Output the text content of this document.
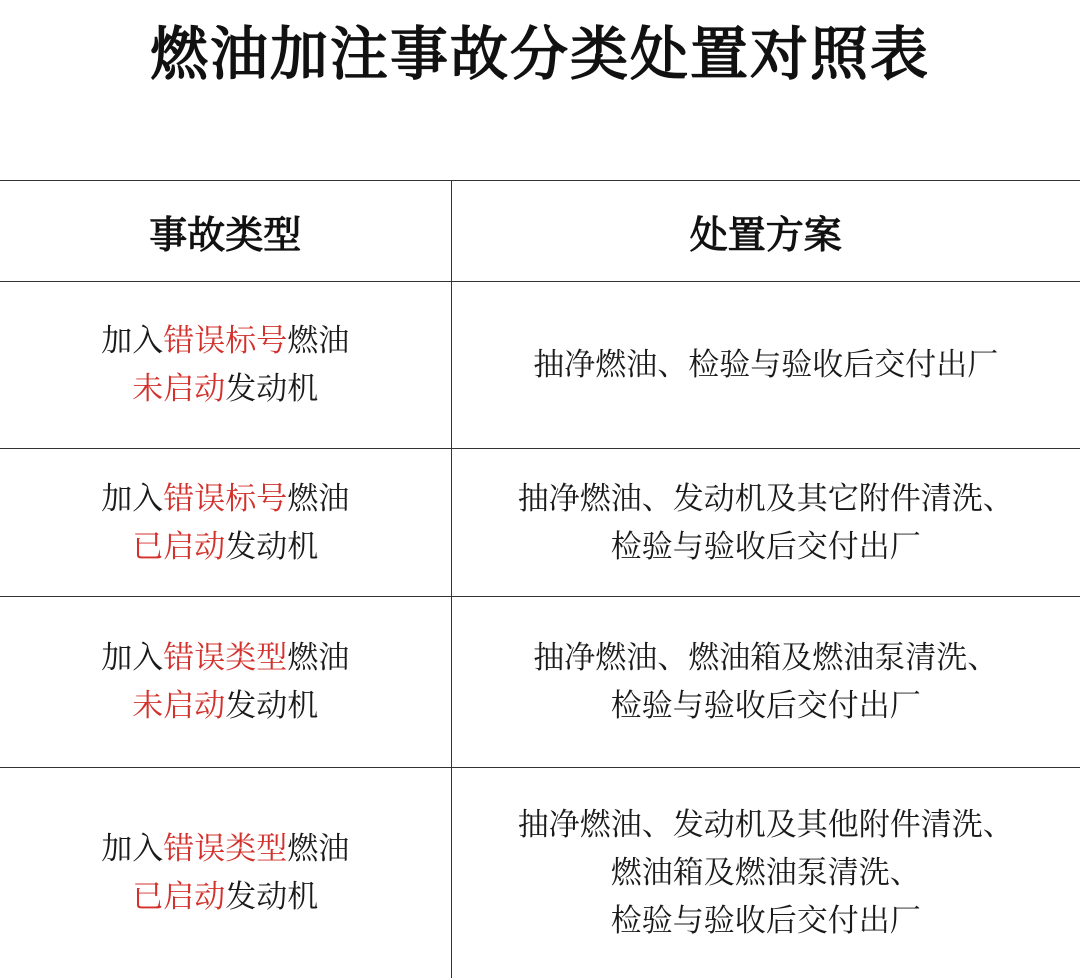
燃油加注事故分类处置对照表
事故类型	处置方案

加入错误标号燃油
未启动发动机	抽净燃油、检验与验收后交付出厂

加入错误标号燃油
已启动发动机	抽净燃油、发动机及其它附件清洗、
检验与验收后交付出厂

加入错误类型燃油
未启动发动机	抽净燃油、燃油箱及燃油泵清洗、
检验与验收后交付出厂

加入错误类型燃油
已启动发动机	抽净燃油、发动机及其他附件清洗、
燃油箱及燃油泵清洗、
检验与验收后交付出厂
